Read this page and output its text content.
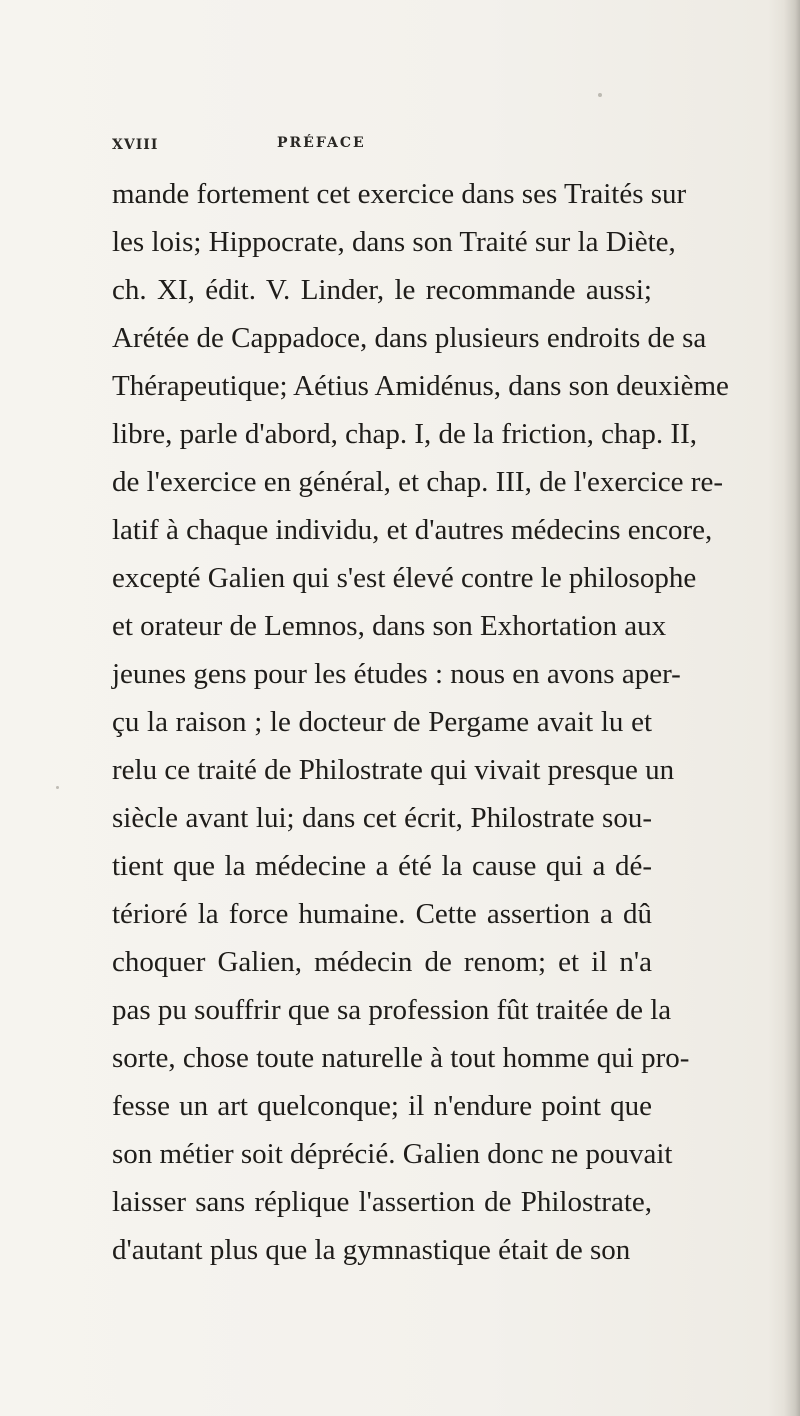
XVIII	PRÉFACE
mande fortement cet exercice dans ses Traités sur
les lois; Hippocrate, dans son Traité sur la Diète,
ch. XI, édit. V. Linder, le recommande aussi;
Arétée de Cappadoce, dans plusieurs endroits de sa
Thérapeutique; Aétius Amidénus, dans son deuxième
libre, parle d'abord, chap. I, de la friction, chap. II,
de l'exercice en général, et chap. III, de l'exercice re-
latif à chaque individu, et d'autres médecins encore,
excepté Galien qui s'est élevé contre le philosophe
et orateur de Lemnos, dans son Exhortation aux
jeunes gens pour les études : nous en avons aper-
çu la raison ; le docteur de Pergame avait lu et
relu ce traité de Philostrate qui vivait presque un
siècle avant lui; dans cet écrit, Philostrate sou-
tient que la médecine a été la cause qui a dé-
térioré la force humaine. Cette assertion a dû
choquer Galien, médecin de renom; et il n'a
pas pu souffrir que sa profession fût traitée de la
sorte, chose toute naturelle à tout homme qui pro-
fesse un art quelconque; il n'endure point que
son métier soit déprécié. Galien donc ne pouvait
laisser sans réplique l'assertion de Philostrate,
d'autant plus que la gymnastique était de son
